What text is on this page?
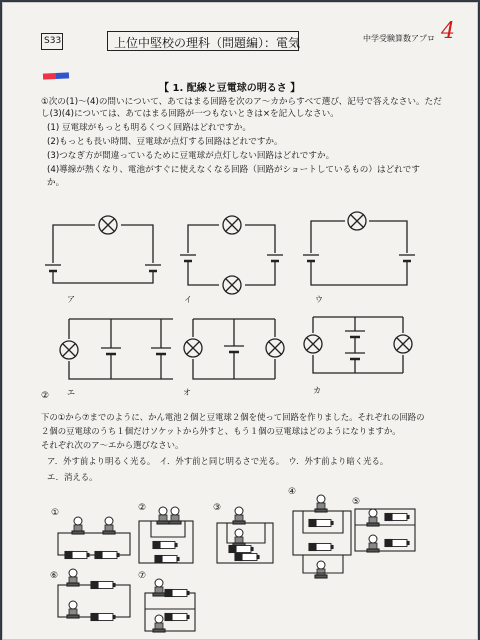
S33	上位中堅校の理科（問題編）：電気	中学受験算数アプロ 4
【 1. 配線と豆電球の明るさ 】
①次の(1)〜(4)の問いについて、あてはまる回路を次のア〜カからすべて選び、記号で答えなさい。ただし(3)(4)については、あてはまる回路が一つもないときは×を記入しなさい。
(1) 豆電球がもっとも明るくつく回路はどれですか。
(2)もっとも長い時間、豆電球が点灯する回路はどれですか。
(3)つなぎ方が間違っているために豆電球が点灯しない回路はどれですか。
(4)導線が熱くなり、電池がすぐに使えなくなる回路（回路がショートしているもの）はどれですか。
ア	イ	ウ
エ	オ	カ
②
下の①から⑦までのように、かん電池２個と豆電球２個を使って回路を作りました。それぞれの回路の
２個の豆電球のうち１個だけソケットから外すと、もう１個の豆電球はどのようになりますか。
それぞれ次のア〜エから選びなさい。
ア．外す前より明るく光る。　イ．外す前と同じ明るさで光る。　ウ．外す前より暗く光る。
エ．消える。
①	②	③
④
⑤
⑥	⑦
